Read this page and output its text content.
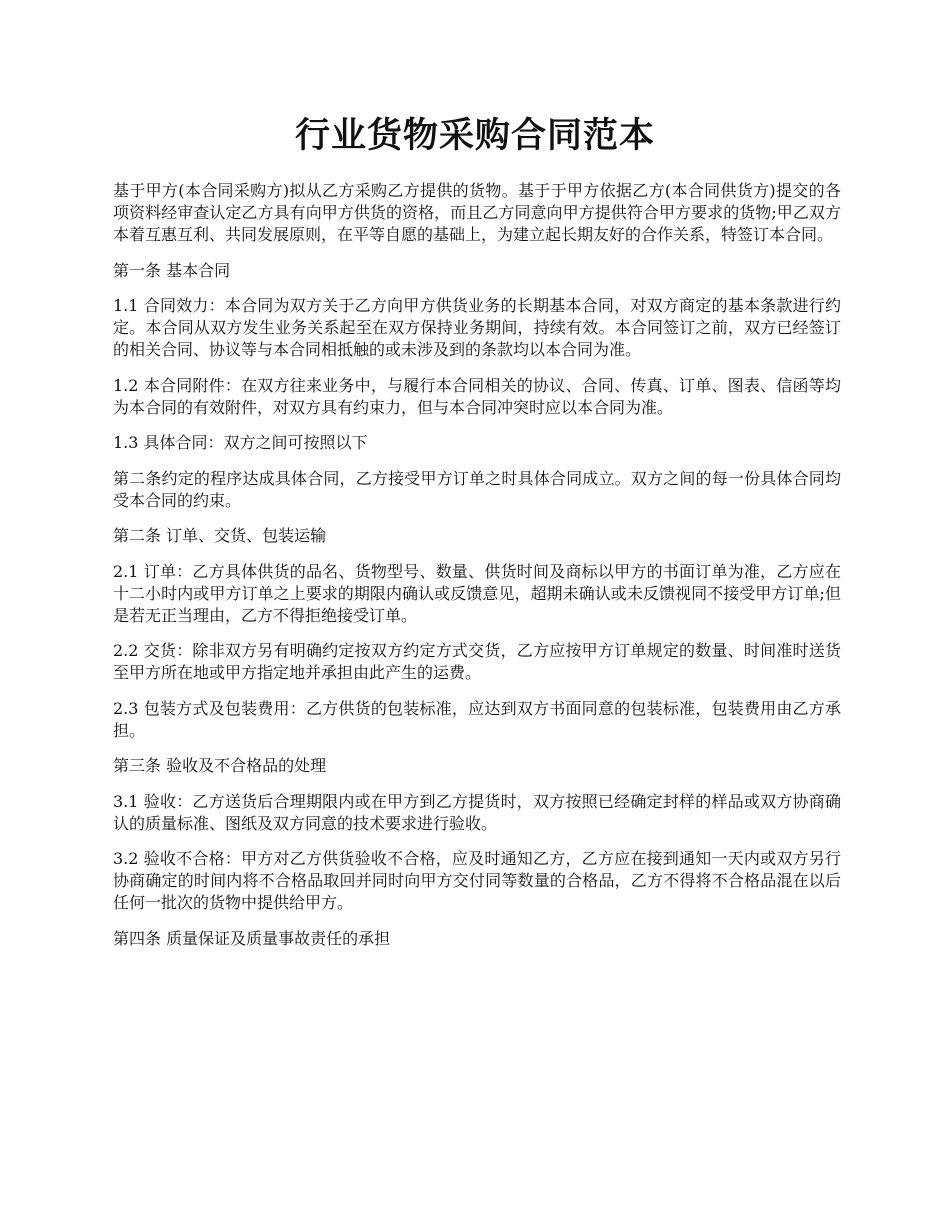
行业货物采购合同范本

基于甲方(本合同采购方)拟从乙方采购乙方提供的货物。基于于甲方依据乙方(本合同供货方)提交的各项资料经审查认定乙方具有向甲方供货的资格，而且乙方同意向甲方提供符合甲方要求的货物;甲乙双方本着互惠互利、共同发展原则，在平等自愿的基础上，为建立起长期友好的合作关系，特签订本合同。

第一条 基本合同

1.1 合同效力：本合同为双方关于乙方向甲方供货业务的长期基本合同，对双方商定的基本条款进行约定。本合同从双方发生业务关系起至在双方保持业务期间，持续有效。本合同签订之前，双方已经签订的相关合同、协议等与本合同相抵触的或未涉及到的条款均以本合同为准。

1.2 本合同附件：在双方往来业务中，与履行本合同相关的协议、合同、传真、订单、图表、信函等均为本合同的有效附件，对双方具有约束力，但与本合同冲突时应以本合同为准。

1.3 具体合同：双方之间可按照以下

第二条约定的程序达成具体合同，乙方接受甲方订单之时具体合同成立。双方之间的每一份具体合同均受本合同的约束。

第二条 订单、交货、包装运输

2.1 订单：乙方具体供货的品名、货物型号、数量、供货时间及商标以甲方的书面订单为准，乙方应在十二小时内或甲方订单之上要求的期限内确认或反馈意见，超期未确认或未反馈视同不接受甲方订单;但是若无正当理由，乙方不得拒绝接受订单。

2.2 交货：除非双方另有明确约定按双方约定方式交货，乙方应按甲方订单规定的数量、时间准时送货至甲方所在地或甲方指定地并承担由此产生的运费。

2.3 包装方式及包装费用：乙方供货的包装标准，应达到双方书面同意的包装标准，包装费用由乙方承担。

第三条 验收及不合格品的处理

3.1 验收：乙方送货后合理期限内或在甲方到乙方提货时，双方按照已经确定封样的样品或双方协商确认的质量标准、图纸及双方同意的技术要求进行验收。

3.2 验收不合格：甲方对乙方供货验收不合格，应及时通知乙方，乙方应在接到通知一天内或双方另行协商确定的时间内将不合格品取回并同时向甲方交付同等数量的合格品，乙方不得将不合格品混在以后任何一批次的货物中提供给甲方。

第四条 质量保证及质量事故责任的承担
